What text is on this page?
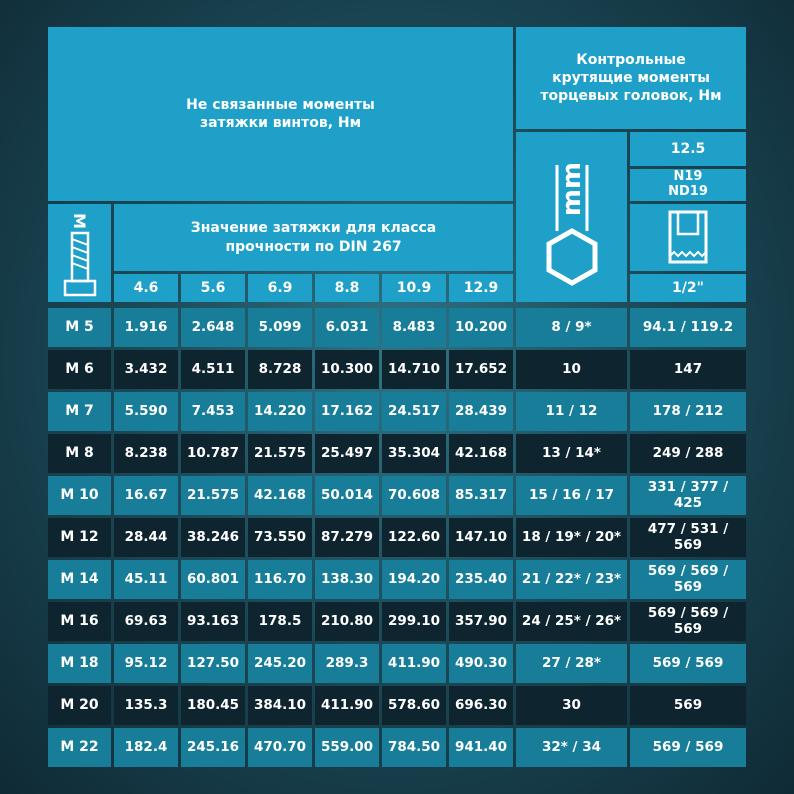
Не связанные моменты затяжки винтов, Нм
Контрольные крутящие моменты торцевых головок, Нм
M	Значение затяжки для класса прочности по DIN 267
4.6	5.6	6.9	8.8	10.9	12.9
mm
12.5
N19
ND19
1/2"
M 5	1.916	2.648	5.099	6.031	8.483	10.200	8 / 9*	94.1 / 119.2
M 6	3.432	4.511	8.728	10.300	14.710	17.652	10	147
M 7	5.590	7.453	14.220	17.162	24.517	28.439	11 / 12	178 / 212
M 8	8.238	10.787	21.575	25.497	35.304	42.168	13 / 14*	249 / 288
M 10	16.67	21.575	42.168	50.014	70.608	85.317	15 / 16 / 17	331 / 377 /
425
M 12	28.44	38.246	73.550	87.279	122.60	147.10	18 / 19* / 20*	477 / 531 /
569
M 14	45.11	60.801	116.70	138.30	194.20	235.40	21 / 22* / 23*	569 / 569 /
569
M 16	69.63	93.163	178.5	210.80	299.10	357.90	24 / 25* / 26*	569 / 569 /
569
M 18	95.12	127.50	245.20	289.3	411.90	490.30	27 / 28*	569 / 569
M 20	135.3	180.45	384.10	411.90	578.60	696.30	30	569
M 22	182.4	245.16	470.70	559.00	784.50	941.40	32* / 34	569 / 569
